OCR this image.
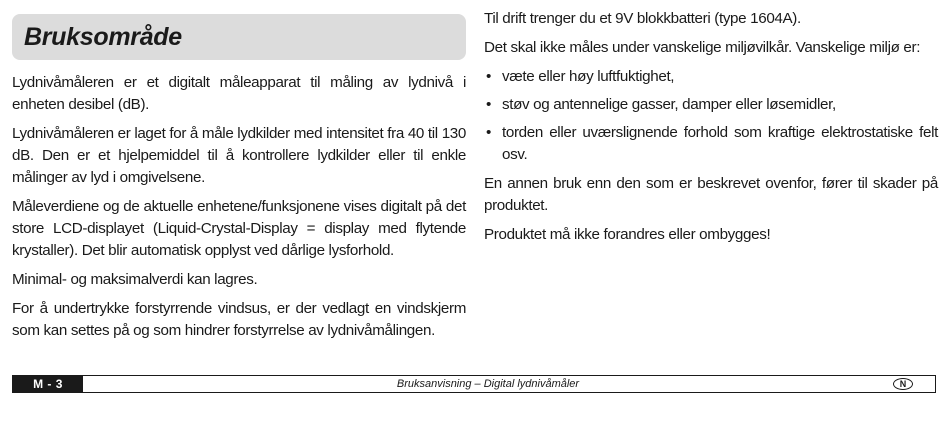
Bruksområde

Lydnivåmåleren er et digitalt måleapparat til måling av lydnivå i enheten desibel (dB).

Lydnivåmåleren er laget for å måle lydkilder med intensitet fra 40 til 130 dB. Den er et hjelpemiddel til å kontrollere lydkilder eller til enkle målinger av lyd i omgivelsene.

Måleverdiene og de aktuelle enhetene/funksjonene vises digitalt på det store LCD-displayet (Liquid-Crystal-Display = display med flytende krystaller). Det blir automatisk opplyst ved dårlige lysforhold.

Minimal- og maksimalverdi kan lagres.

For å undertrykke forstyrrende vindsus, er der vedlagt en vindskjerm som kan settes på og som hindrer forstyrrelse av lydnivåmålingen.

Til drift trenger du et 9V blokkbatteri (type 1604A).

Det skal ikke måles under vanskelige miljøvilkår. Vanskelige miljø er:

• væte eller høy luftfuktighet,
• støv og antennelige gasser, damper eller løsemidler,
• torden eller uværslignende forhold som kraftige elektrostatiske felt osv.

En annen bruk enn den som er beskrevet ovenfor, fører til skader på produktet.

Produktet må ikke forandres eller ombygges!

M - 3	Bruksanvisning – Digital lydnivåmåler	N
